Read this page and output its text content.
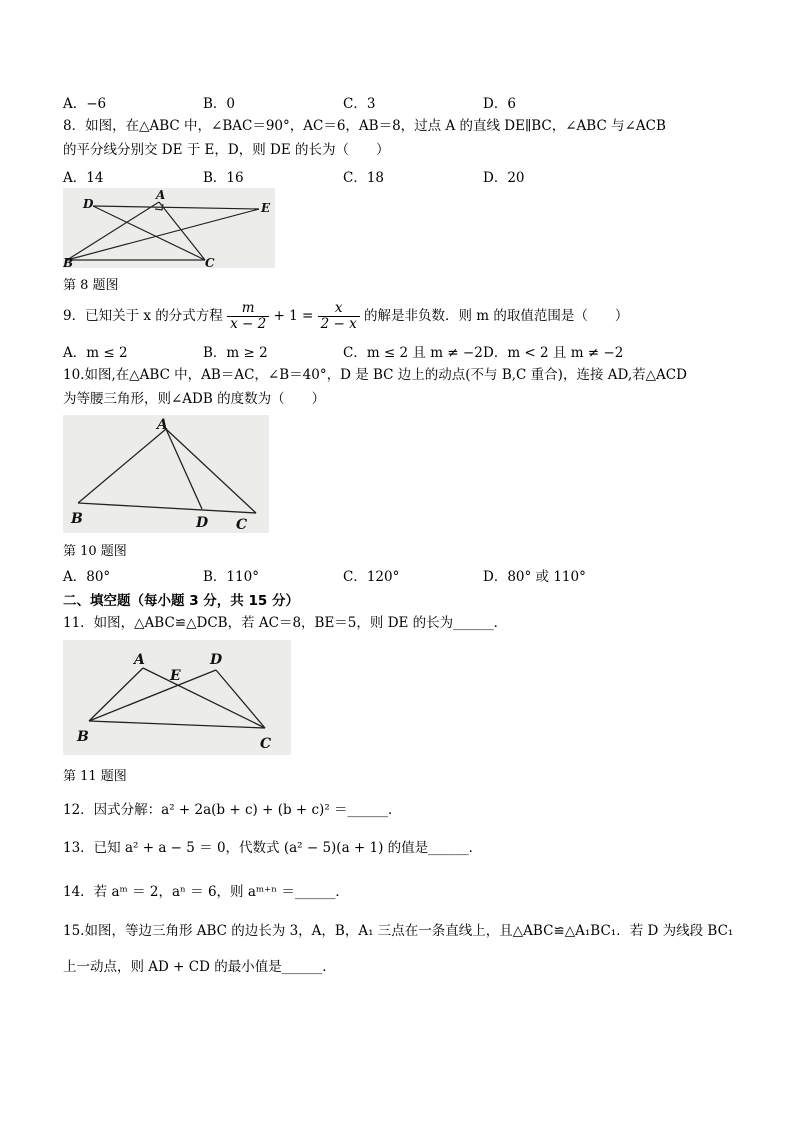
A．−6	B．0	C．3	D．6
8．如图，在△ABC 中，∠BAC＝90°，AC＝6，AB＝8，过点 A 的直线 DE∥BC，∠ABC 与∠ACB
的平分线分别交 DE 于 E，D，则 DE 的长为（　　）
A．14	B．16	C．18	D．20
A
D	E
B	C
第 8 题图
9．已知关于 x 的分式方程 $\frac{m}{x - 2} + 1 = \frac{x}{2 - x}$ 的解是非负数．则 m 的取值范围是（　　）
A．m ≤ 2	B．m ≥ 2	C．m ≤ 2 且 m ≠ −2 D．m < 2 且 m ≠ −2
10.如图,在△ABC 中，AB＝AC，∠B＝40°，D 是 BC 边上的动点(不与 B,C 重合)，连接 AD,若△ACD
为等腰三角形，则∠ADB 的度数为（　　）
A
B	D C
第 10 题图
A．80°	B．110°	C．120°	D．80° 或 110°
二、填空题（每小题 3 分，共 15 分）
11．如图，△ABC≌△DCB，若 AC＝8，BE＝5，则 DE 的长为______．
A	D
E
B	C
第 11 题图
12．因式分解：a² + 2a(b + c) + (b + c)² ＝______．
13．已知 a² + a − 5 ＝ 0，代数式 (a² − 5)(a + 1) 的值是______．
14．若 aᵐ ＝ 2，aⁿ ＝ 6，则 aᵐ⁺ⁿ ＝______．
15.如图，等边三角形 ABC 的边长为 3，A，B，A₁ 三点在一条直线上，且△ABC≌△A₁BC₁．若 D 为线段 BC₁
上一动点，则 AD + CD 的最小值是______．
